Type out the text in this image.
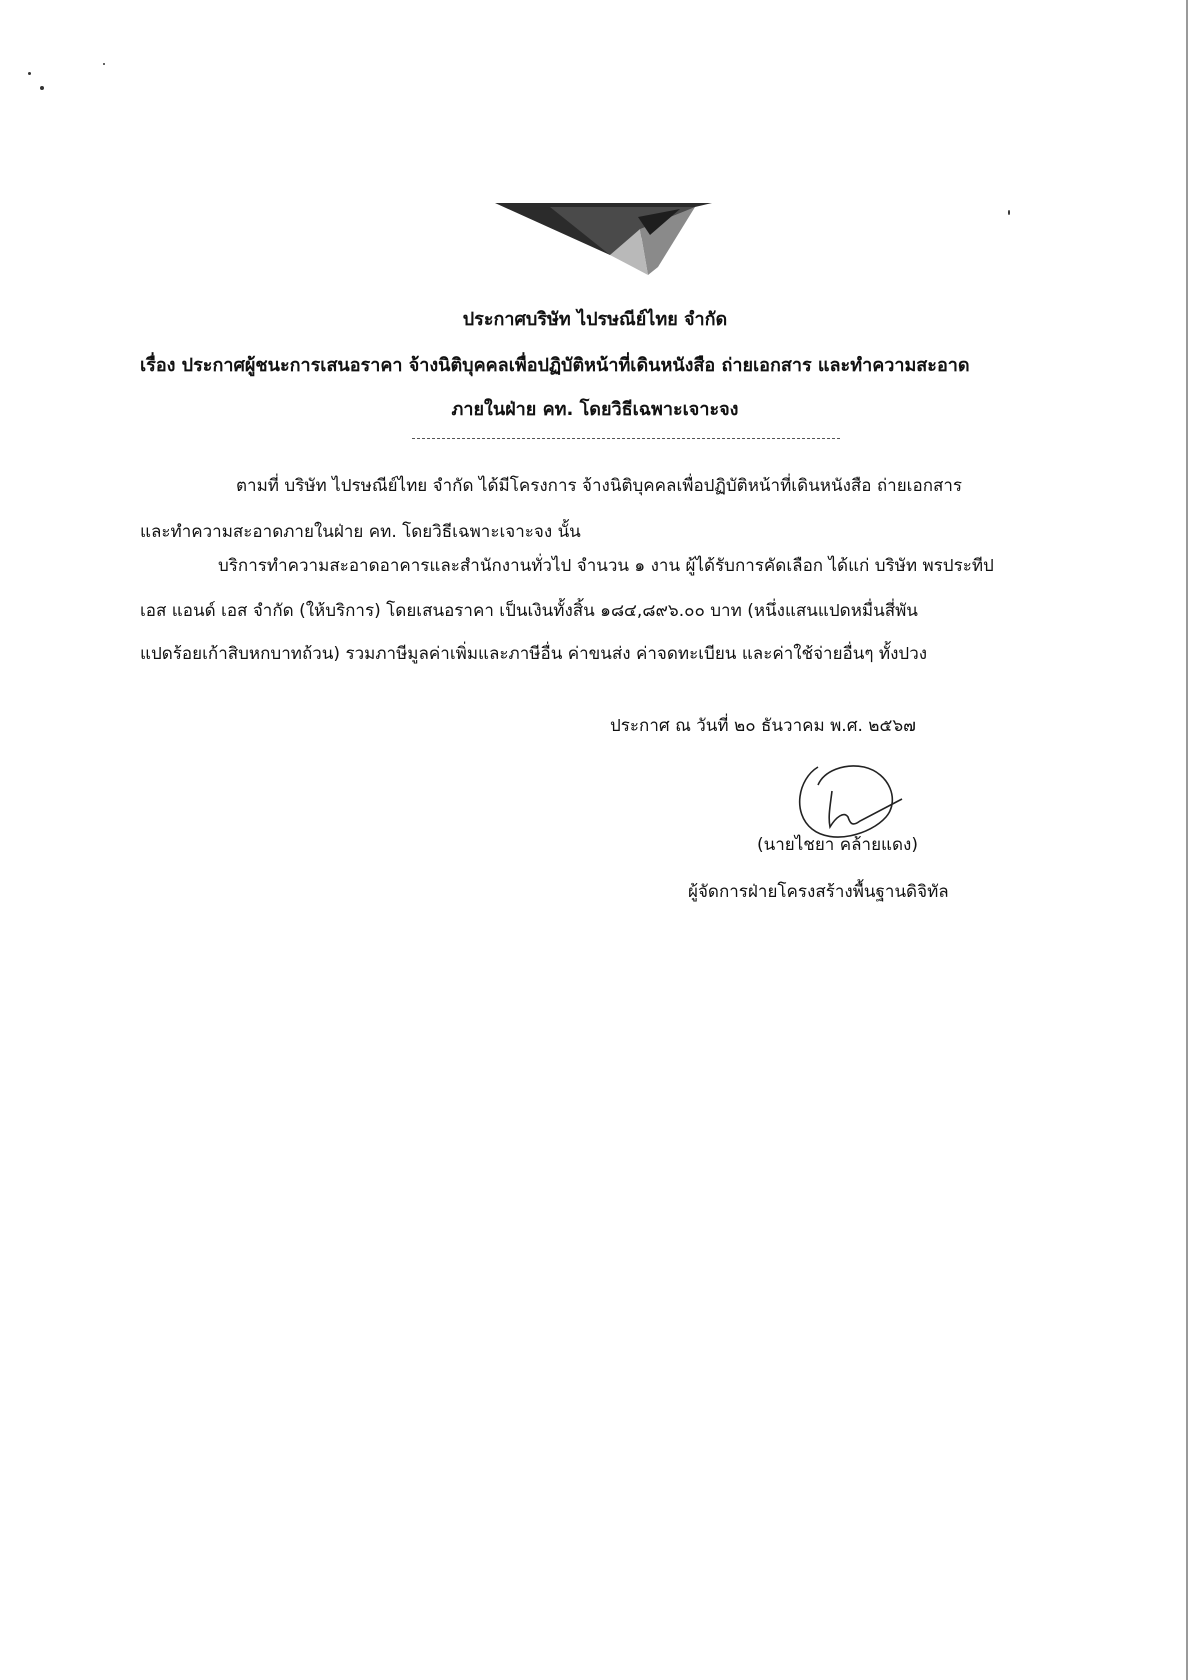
ประกาศบริษัท ไปรษณีย์ไทย จำกัด
เรื่อง ประกาศผู้ชนะการเสนอราคา จ้างนิติบุคคลเพื่อปฏิบัติหน้าที่เดินหนังสือ ถ่ายเอกสาร และทำความสะอาด
ภายในฝ่าย คท. โดยวิธีเฉพาะเจาะจง
ตามที่ บริษัท ไปรษณีย์ไทย จำกัด ได้มีโครงการ จ้างนิติบุคคลเพื่อปฏิบัติหน้าที่เดินหนังสือ ถ่ายเอกสาร
และทำความสะอาดภายในฝ่าย คท. โดยวิธีเฉพาะเจาะจง นั้น
บริการทำความสะอาดอาคารและสำนักงานทั่วไป จำนวน ๑ งาน ผู้ได้รับการคัดเลือก ได้แก่ บริษัท พรประทีป
เอส แอนด์ เอส จำกัด (ให้บริการ) โดยเสนอราคา เป็นเงินทั้งสิ้น ๑๘๔,๘๙๖.๐๐ บาท (หนึ่งแสนแปดหมื่นสี่พัน
แปดร้อยเก้าสิบหกบาทถ้วน) รวมภาษีมูลค่าเพิ่มและภาษีอื่น ค่าขนส่ง ค่าจดทะเบียน และค่าใช้จ่ายอื่นๆ ทั้งปวง
ประกาศ ณ วันที่ ๒๐ ธันวาคม พ.ศ. ๒๕๖๗
(นายไชยา คล้ายแดง)
ผู้จัดการฝ่ายโครงสร้างพื้นฐานดิจิทัล
